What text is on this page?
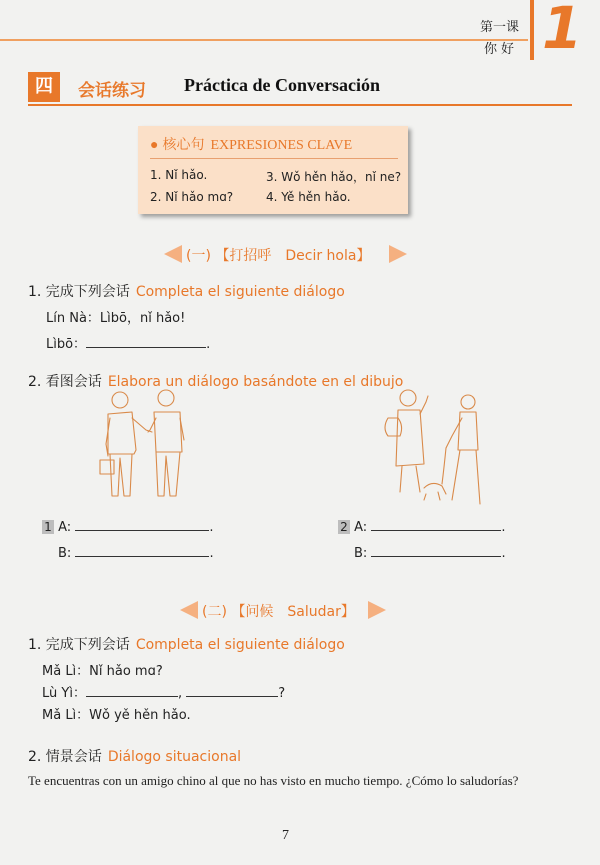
第一课
你好 1
四	会话练习 Práctica de Conversación
● 核心句 EXPRESIONES CLAVE
1. Nǐ hǎo.	3. Wǒ hěn hǎo，nǐ ne?
2. Nǐ hǎo mɑ?	4. Yě hěn hǎo.
(一) 【打招呼　Decir hola】
1. 完成下列会话 Completa el siguiente diálogo
Lín Nà：Lìbō，nǐ hǎo!
Lìbō：	.
2. 看图会话 Elabora un diálogo basándote en el dibujo
1 A:	.
B:	.
2 A:	.
B:	.
(二) 【问候　Saludar】
1. 完成下列会话 Completa el siguiente diálogo
Mǎ Lì：Nǐ hǎo mɑ?
Lù Yì：	,	?
Mǎ Lì：Wǒ yě hěn hǎo.
2. 情景会话 Diálogo situacional
Te encuentras con un amigo chino al que no has visto en mucho tiempo. ¿Cómo lo saludorías?
7
